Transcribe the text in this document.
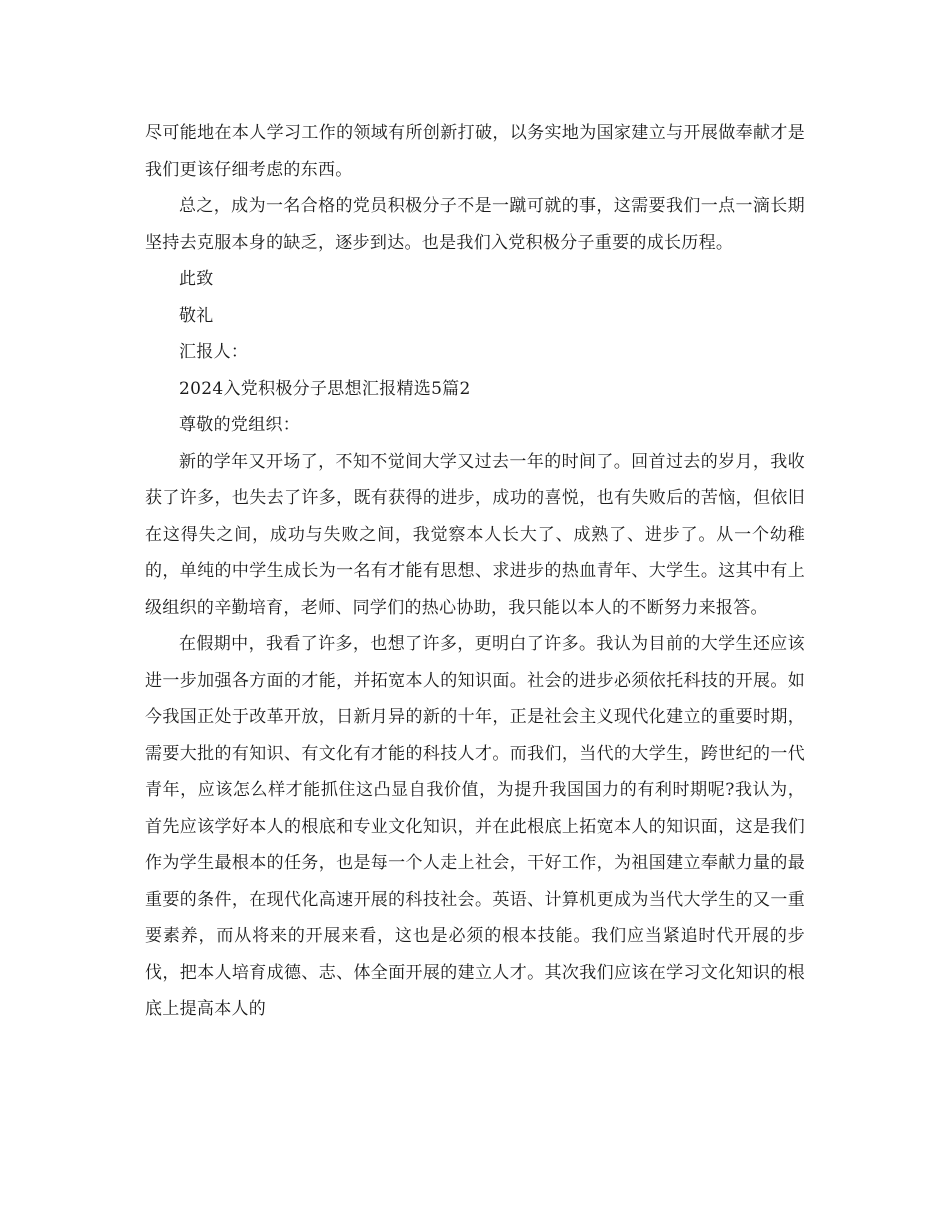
尽可能地在本人学习工作的领域有所创新打破，以务实地为国家建立与开展做奉献才是我们更该仔细考虑的东西。

总之，成为一名合格的党员积极分子不是一蹴可就的事，这需要我们一点一滴长期坚持去克服本身的缺乏，逐步到达。也是我们入党积极分子重要的成长历程。

此致

敬礼

汇报人：

2024入党积极分子思想汇报精选5篇2

尊敬的党组织：

新的学年又开场了，不知不觉间大学又过去一年的时间了。回首过去的岁月，我收获了许多，也失去了许多，既有获得的进步，成功的喜悦，也有失败后的苦恼，但依旧在这得失之间，成功与失败之间，我觉察本人长大了、成熟了、进步了。从一个幼稚的，单纯的中学生成长为一名有才能有思想、求进步的热血青年、大学生。这其中有上级组织的辛勤培育，老师、同学们的热心协助，我只能以本人的不断努力来报答。

在假期中，我看了许多，也想了许多，更明白了许多。我认为目前的大学生还应该进一步加强各方面的才能，并拓宽本人的知识面。社会的进步必须依托科技的开展。如今我国正处于改革开放，日新月异的新的十年，正是社会主义现代化建立的重要时期，需要大批的有知识、有文化有才能的科技人才。而我们，当代的大学生，跨世纪的一代青年，应该怎么样才能抓住这凸显自我价值，为提升我国国力的有利时期呢?我认为，首先应该学好本人的根底和专业文化知识，并在此根底上拓宽本人的知识面，这是我们作为学生最根本的任务，也是每一个人走上社会，干好工作，为祖国建立奉献力量的最重要的条件，在现代化高速开展的科技社会。英语、计算机更成为当代大学生的又一重要素养，而从将来的开展来看，这也是必须的根本技能。我们应当紧追时代开展的步伐，把本人培育成德、志、体全面开展的建立人才。其次我们应该在学习文化知识的根底上提高本人的
